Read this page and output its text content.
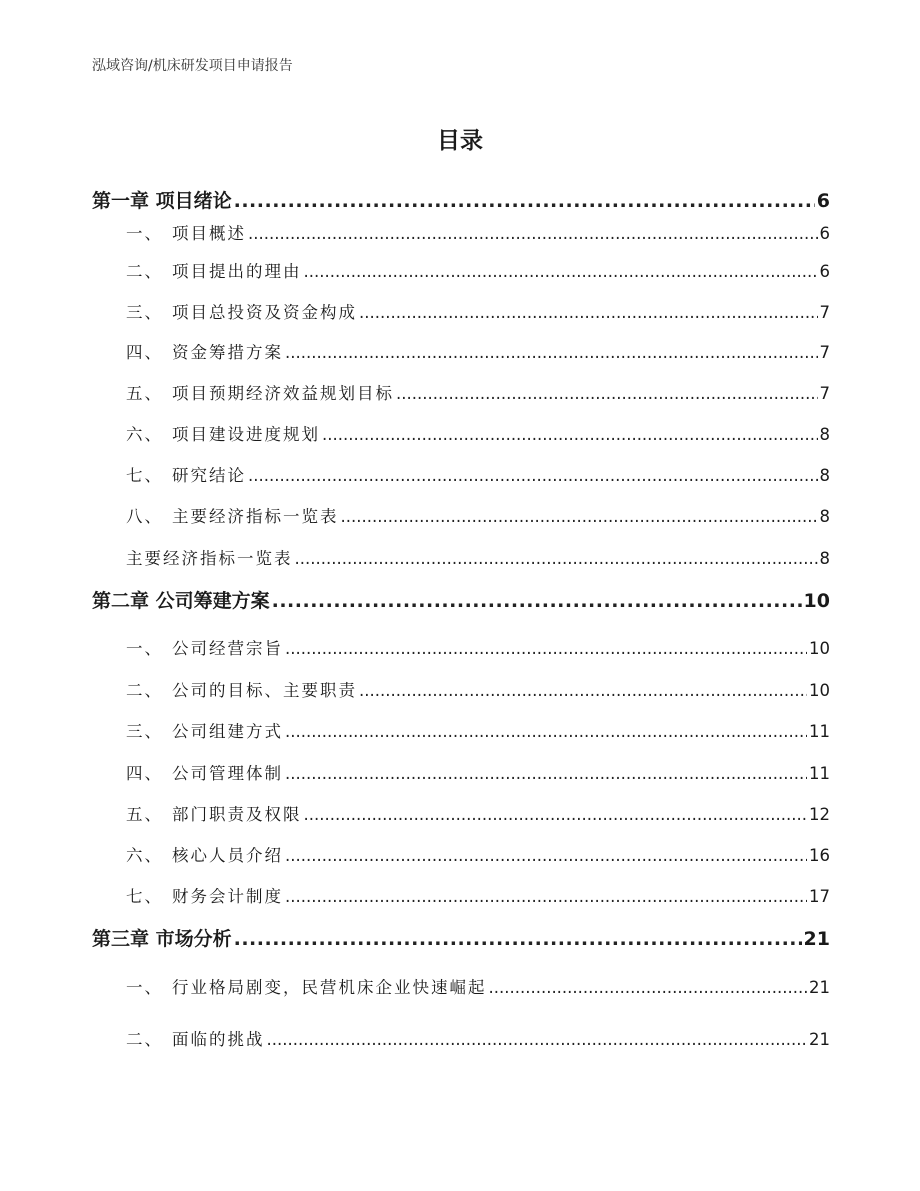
泓域咨询/机床研发项目申请报告
目录
第一章 项目绪论 .....	6
一、 项目概述 .....	6
二、 项目提出的理由 .....	6
三、 项目总投资及资金构成 .....	7
四、 资金筹措方案 .....	7
五、 项目预期经济效益规划目标 .....	7
六、 项目建设进度规划 .....	8
七、 研究结论 .....	8
八、 主要经济指标一览表 .....	8
主要经济指标一览表 .....	8
第二章 公司筹建方案 .....	10
一、 公司经营宗旨 .....	10
二、 公司的目标、主要职责 .....	10
三、 公司组建方式 .....	11
四、 公司管理体制 .....	11
五、 部门职责及权限 .....	12
六、 核心人员介绍 .....	16
七、 财务会计制度 .....	17
第三章 市场分析 .....	21
一、 行业格局剧变，民营机床企业快速崛起 .....	21
二、 面临的挑战 .....	21
